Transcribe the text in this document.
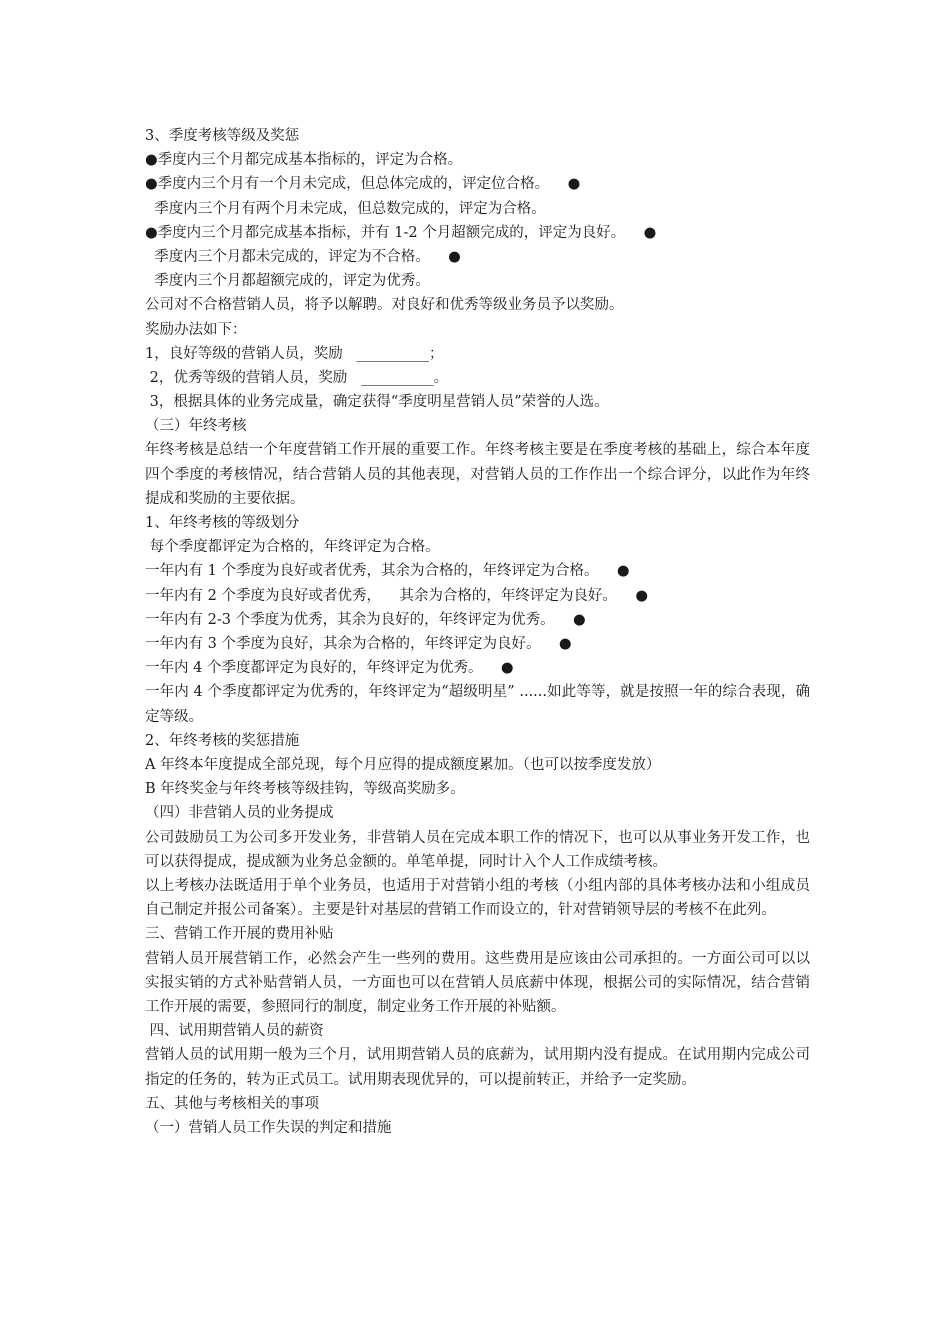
3、季度考核等级及奖惩
●季度内三个月都完成基本指标的，评定为合格。
●季度内三个月有一个月未完成，但总体完成的，评定位合格。    ●
季度内三个月有两个月未完成，但总数完成的，评定为合格。
●季度内三个月都完成基本指标，并有 1-2 个月超额完成的，评定为良好。    ●
季度内三个月都未完成的，评定为不合格。    ●
季度内三个月都超额完成的，评定为优秀。
公司对不合格营销人员，将予以解聘。对良好和优秀等级业务员予以奖励。
奖励办法如下：
1，良好等级的营销人员，奖励   __________；
2，优秀等级的营销人员，奖励   __________。
3，根据具体的业务完成量，确定获得“季度明星营销人员”荣誉的人选。
（三）年终考核
年终考核是总结一个年度营销工作开展的重要工作。年终考核主要是在季度考核的基础上，综合本年度四个季度的考核情况，结合营销人员的其他表现，对营销人员的工作作出一个综合评分，以此作为年终提成和奖励的主要依据。
1、年终考核的等级划分
每个季度都评定为合格的，年终评定为合格。
一年内有 1 个季度为良好或者优秀，其余为合格的，年终评定为合格。    ●
一年内有 2 个季度为良好或者优秀，    其余为合格的，年终评定为良好。    ●
一年内有 2-3 个季度为优秀，其余为良好的，年终评定为优秀。    ●
一年内有 3 个季度为良好，其余为合格的，年终评定为良好。    ●
一年内 4 个季度都评定为良好的，年终评定为优秀。    ●
一年内 4 个季度都评定为优秀的，年终评定为“超级明星” ......如此等等，就是按照一年的综合表现，确定等级。
2、年终考核的奖惩措施
A 年终本年度提成全部兑现，每个月应得的提成额度累加。（也可以按季度发放）
B 年终奖金与年终考核等级挂钩，等级高奖励多。
（四）非营销人员的业务提成
公司鼓励员工为公司多开发业务，非营销人员在完成本职工作的情况下，也可以从事业务开发工作，也可以获得提成，提成额为业务总金额的。单笔单提，同时计入个人工作成绩考核。
以上考核办法既适用于单个业务员，也适用于对营销小组的考核（小组内部的具体考核办法和小组成员自己制定并报公司备案）。主要是针对基层的营销工作而设立的，针对营销领导层的考核不在此列。
三、营销工作开展的费用补贴
营销人员开展营销工作，必然会产生一些列的费用。这些费用是应该由公司承担的。一方面公司可以以实报实销的方式补贴营销人员，一方面也可以在营销人员底薪中体现，根据公司的实际情况，结合营销工作开展的需要，参照同行的制度，制定业务工作开展的补贴额。
四、试用期营销人员的薪资
营销人员的试用期一般为三个月，试用期营销人员的底薪为，试用期内没有提成。在试用期内完成公司指定的任务的，转为正式员工。试用期表现优异的，可以提前转正，并给予一定奖励。
五、其他与考核相关的事项
（一）营销人员工作失误的判定和措施
